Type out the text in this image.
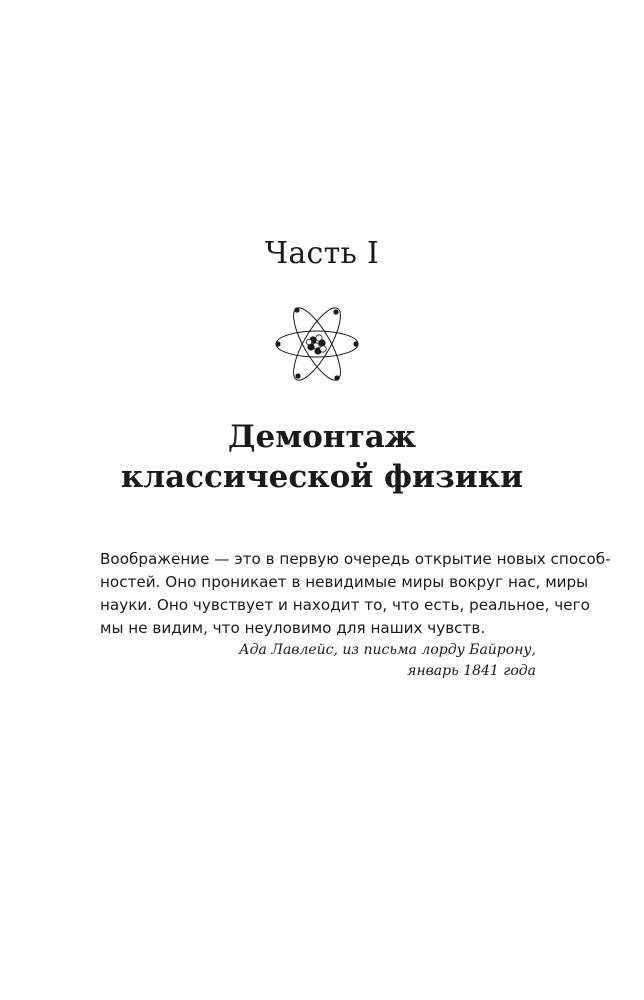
Часть I
Демонтаж
классической физики

Воображение — это в первую очередь открытие новых способ-
ностей. Оно проникает в невидимые миры вокруг нас, миры
науки. Оно чувствует и находит то, что есть, реальное, чего
мы не видим, что неуловимо для наших чувств.

Ада Лавлейс, из письма лорду Байрону,
январь 1841 года
